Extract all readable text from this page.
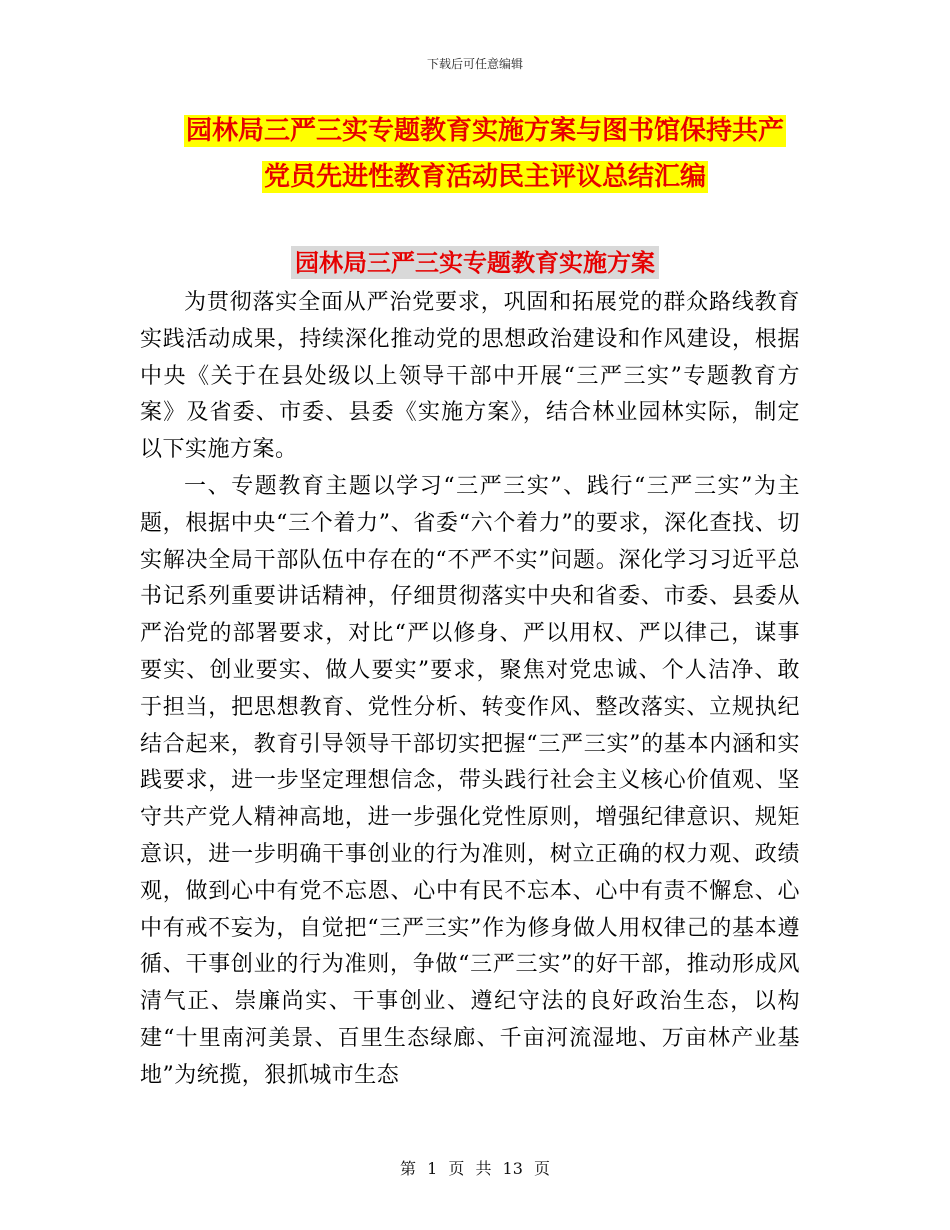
下载后可任意编辑
园林局三严三实专题教育实施方案与图书馆保持共产
党员先进性教育活动民主评议总结汇编
园林局三严三实专题教育实施方案

为贯彻落实全面从严治党要求，巩固和拓展党的群众路线教育实践活动成果，持续深化推动党的思想政治建设和作风建设，根据中央《关于在县处级以上领导干部中开展“三严三实”专题教育方案》及省委、市委、县委《实施方案》，结合林业园林实际，制定以下实施方案。

一、专题教育主题以学习“三严三实”、践行“三严三实”为主题，根据中央“三个着力”、省委“六个着力”的要求，深化查找、切实解决全局干部队伍中存在的“不严不实”问题。深化学习习近平总书记系列重要讲话精神，仔细贯彻落实中央和省委、市委、县委从严治党的部署要求，对比“严以修身、严以用权、严以律己，谋事要实、创业要实、做人要实”要求，聚焦对党忠诚、个人洁净、敢于担当，把思想教育、党性分析、转变作风、整改落实、立规执纪结合起来，教育引导领导干部切实把握“三严三实”的基本内涵和实践要求，进一步坚定理想信念，带头践行社会主义核心价值观、坚守共产党人精神高地，进一步强化党性原则，增强纪律意识、规矩意识，进一步明确干事创业的行为准则，树立正确的权力观、政绩观，做到心中有党不忘恩、心中有民不忘本、心中有责不懈怠、心中有戒不妄为，自觉把“三严三实”作为修身做人用权律己的基本遵循、干事创业的行为准则，争做“三严三实”的好干部，推动形成风清气正、崇廉尚实、干事创业、遵纪守法的良好政治生态，以构建“十里南河美景、百里生态绿廊、千亩河流湿地、万亩林产业基地”为统揽，狠抓城市生态

第 1 页 共 13 页
